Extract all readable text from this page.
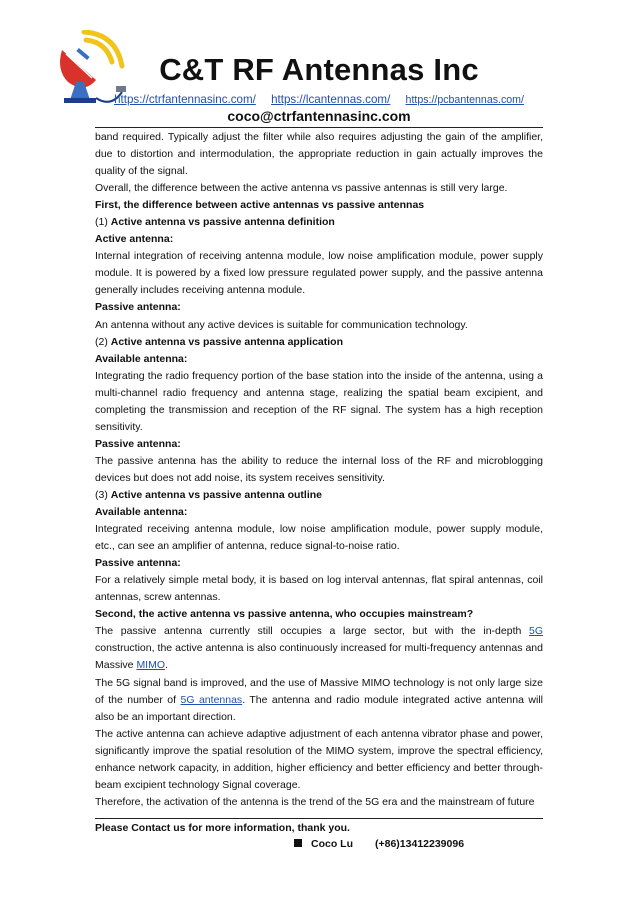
C&T RF Antennas Inc
https://ctrfantennasinc.com/ https://lcantennas.com/ https://pcbantennas.com/
coco@ctrfantennasinc.com

band required. Typically adjust the filter while also requires adjusting the gain of the amplifier, due to distortion and intermodulation, the appropriate reduction in gain actually improves the quality of the signal.

Overall, the difference between the active antenna vs passive antennas is still very large.

First, the difference between active antennas vs passive antennas

(1) Active antenna vs passive antenna definition

Active antenna:

Internal integration of receiving antenna module, low noise amplification module, power supply module. It is powered by a fixed low pressure regulated power supply, and the passive antenna generally includes receiving antenna module.

Passive antenna:

An antenna without any active devices is suitable for communication technology.

(2) Active antenna vs passive antenna application

Available antenna:

Integrating the radio frequency portion of the base station into the inside of the antenna, using a multi-channel radio frequency and antenna stage, realizing the spatial beam excipient, and completing the transmission and reception of the RF signal. The system has a high reception sensitivity.

Passive antenna:

The passive antenna has the ability to reduce the internal loss of the RF and microblogging devices but does not add noise, its system receives sensitivity.

(3) Active antenna vs passive antenna outline

Available antenna:

Integrated receiving antenna module, low noise amplification module, power supply module, etc., can see an amplifier of antenna, reduce signal-to-noise ratio.

Passive antenna:

For a relatively simple metal body, it is based on log interval antennas, flat spiral antennas, coil antennas, screw antennas.

Second, the active antenna vs passive antenna, who occupies mainstream?

The passive antenna currently still occupies a large sector, but with the in-depth 5G construction, the active antenna is also continuously increased for multi-frequency antennas and Massive MIMO.

The 5G signal band is improved, and the use of Massive MIMO technology is not only large size of the number of 5G antennas. The antenna and radio module integrated active antenna will also be an important direction.

The active antenna can achieve adaptive adjustment of each antenna vibrator phase and power, significantly improve the spatial resolution of the MIMO system, improve the spectral efficiency, enhance network capacity, in addition, higher efficiency and better efficiency and better through-beam excipient technology Signal coverage.

Therefore, the activation of the antenna is the trend of the 5G era and the mainstream of future

Please Contact us for more information, thank you.
Coco Lu (+86)13412239096
